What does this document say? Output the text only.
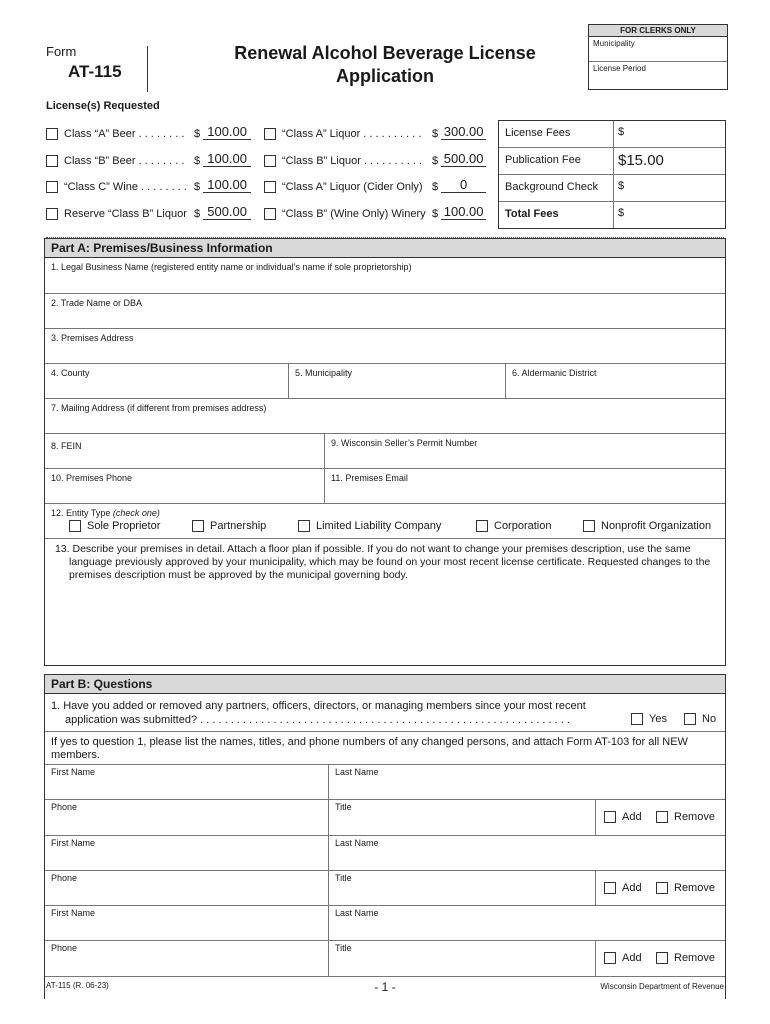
Form
AT-115
Renewal Alcohol Beverage License
Application
FOR CLERKS ONLY
Municipality
License Period
License(s) Requested
Class “A” Beer . . . . . . . . $ 100.00
Class “B” Beer . . . . . . . . $ 100.00
“Class C” Wine . . . . . . . . $ 100.00
Reserve “Class B” Liquor $ 500.00
“Class A” Liquor . . . . . . . . . . $ 300.00
“Class B” Liquor . . . . . . . . . . $ 500.00
“Class A” Liquor (Cider Only) $	0
“Class B” (Wine Only) Winery $ 100.00
License Fees	$
Publication Fee	$15.00
Background Check	$
Total Fees	$
Part A: Premises/Business Information
1. Legal Business Name (registered entity name or individual’s name if sole proprietorship)
2. Trade Name or DBA
3. Premises Address
4. County	5. Municipality	6. Aldermanic District
7. Mailing Address (if different from premises address)
8. FEIN	9. Wisconsin Seller’s Permit Number
10. Premises Phone	11. Premises Email
12. Entity Type (check one)
Sole Proprietor	Partnership	Limited Liability Company	Corporation	Nonprofit Organization
13. Describe your premises in detail. Attach a floor plan if possible. If you do not want to change your premises description, use the same language previously approved by your municipality, which may be found on your most recent license certificate. Requested changes to the premises description must be approved by the municipal governing body.
Part B: Questions
1. Have you added or removed any partners, officers, directors, or managing members since your most recent
application was submitted? . . . . . . . . . . . . . . . . . . . . . . . . . . . . . . . . . . . . . . . . . . . . . . . . . . . . . . . . . . . . .	Yes	No
If yes to question 1, please list the names, titles, and phone numbers of any changed persons, and attach Form AT-103 for all NEW members.
First Name	Last Name
Phone	Title
Add	Remove
First Name	Last Name
Phone	Title
Add	Remove
First Name	Last Name
Phone	Title
Add	Remove
AT-115 (R. 06-23)	- 1 -	Wisconsin Department of Revenue
